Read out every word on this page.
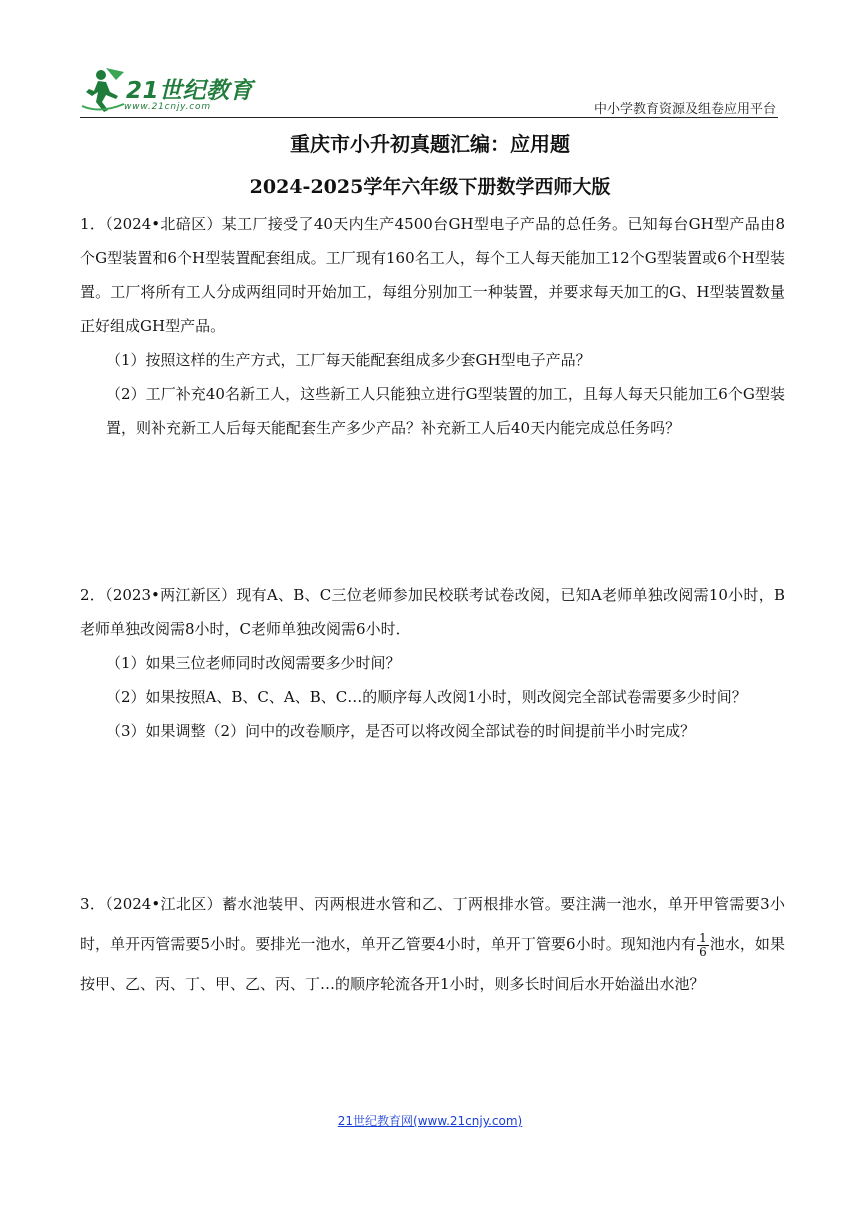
21世纪教育
www.21cnjy.com	中小学教育资源及组卷应用平台
重庆市小升初真题汇编：应用题
2024-2025学年六年级下册数学西师大版

1．（2024•北碚区）某工厂接受了40天内生产4500台GH型电子产品的总任务。已知每台GH型产品由8个G型装置和6个H型装置配套组成。工厂现有160名工人，每个工人每天能加工12个G型装置或6个H型装置。工厂将所有工人分成两组同时开始加工，每组分别加工一种装置，并要求每天加工的G、H型装置数量正好组成GH型产品。

（1）按照这样的生产方式，工厂每天能配套组成多少套GH型电子产品？

（2）工厂补充40名新工人，这些新工人只能独立进行G型装置的加工，且每人每天只能加工6个G型装置，则补充新工人后每天能配套生产多少产品？补充新工人后40天内能完成总任务吗？

2．（2023•两江新区）现有A、B、C三位老师参加民校联考试卷改阅，已知A老师单独改阅需10小时，B老师单独改阅需8小时，C老师单独改阅需6小时．

（1）如果三位老师同时改阅需要多少时间？

（2）如果按照A、B、C、A、B、C…的顺序每人改阅1小时，则改阅完全部试卷需要多少时间？

（3）如果调整（2）问中的改卷顺序，是否可以将改阅全部试卷的时间提前半小时完成？

3．（2024•江北区）蓄水池装甲、丙两根进水管和乙、丁两根排水管。要注满一池水，单开甲管需要3小时，单开丙管需要5小时。要排光一池水，单开乙管要4小时，单开丁管要6小时。现知池内有 $\frac{1}{6}$ 池水，如果按甲、乙、丙、丁、甲、乙、丙、丁…的顺序轮流各开1小时，则多长时间后水开始溢出水池？

21世纪教育网(www.21cnjy.com)
